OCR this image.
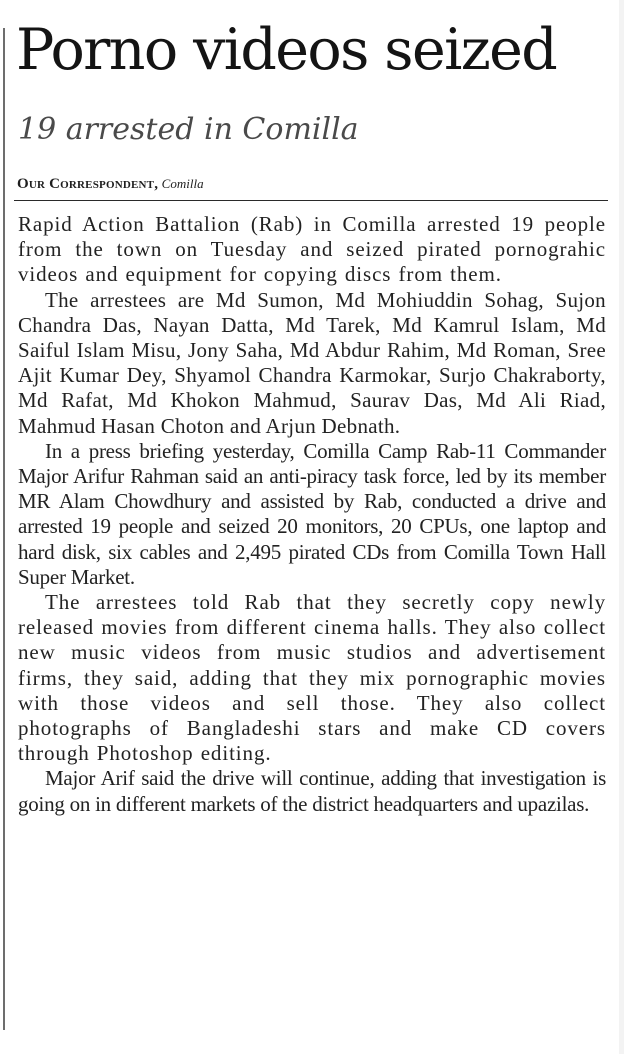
Porno videos seized
19 arrested in Comilla
Our Correspondent, Comilla

Rapid Action Battalion (Rab) in Comilla arrested 19 people from the town on Tuesday and seized pirated pornograhic videos and equipment for copying discs from them.

The arrestees are Md Sumon, Md Mohiuddin Sohag, Sujon Chandra Das, Nayan Datta, Md Tarek, Md Kamrul Islam, Md Saiful Islam Misu, Jony Saha, Md Abdur Rahim, Md Roman, Sree Ajit Kumar Dey, Shyamol Chandra Karmokar, Surjo Chakraborty, Md Rafat, Md Khokon Mahmud, Saurav Das, Md Ali Riad, Mahmud Hasan Choton and Arjun Debnath.

In a press briefing yesterday, Comilla Camp Rab-11 Commander Major Arifur Rahman said an anti-piracy task force, led by its member MR Alam Chowdhury and assisted by Rab, conducted a drive and arrested 19 people and seized 20 monitors, 20 CPUs, one laptop and hard disk, six cables and 2,495 pirated CDs from Comilla Town Hall Super Market.

The arrestees told Rab that they secretly copy newly released movies from different cinema halls. They also collect new music videos from music studios and advertisement firms, they said, adding that they mix pornographic movies with those videos and sell those. They also collect photographs of Bangladeshi stars and make CD covers through Photoshop editing.

Major Arif said the drive will continue, adding that investigation is going on in different markets of the district headquarters and upazilas.
